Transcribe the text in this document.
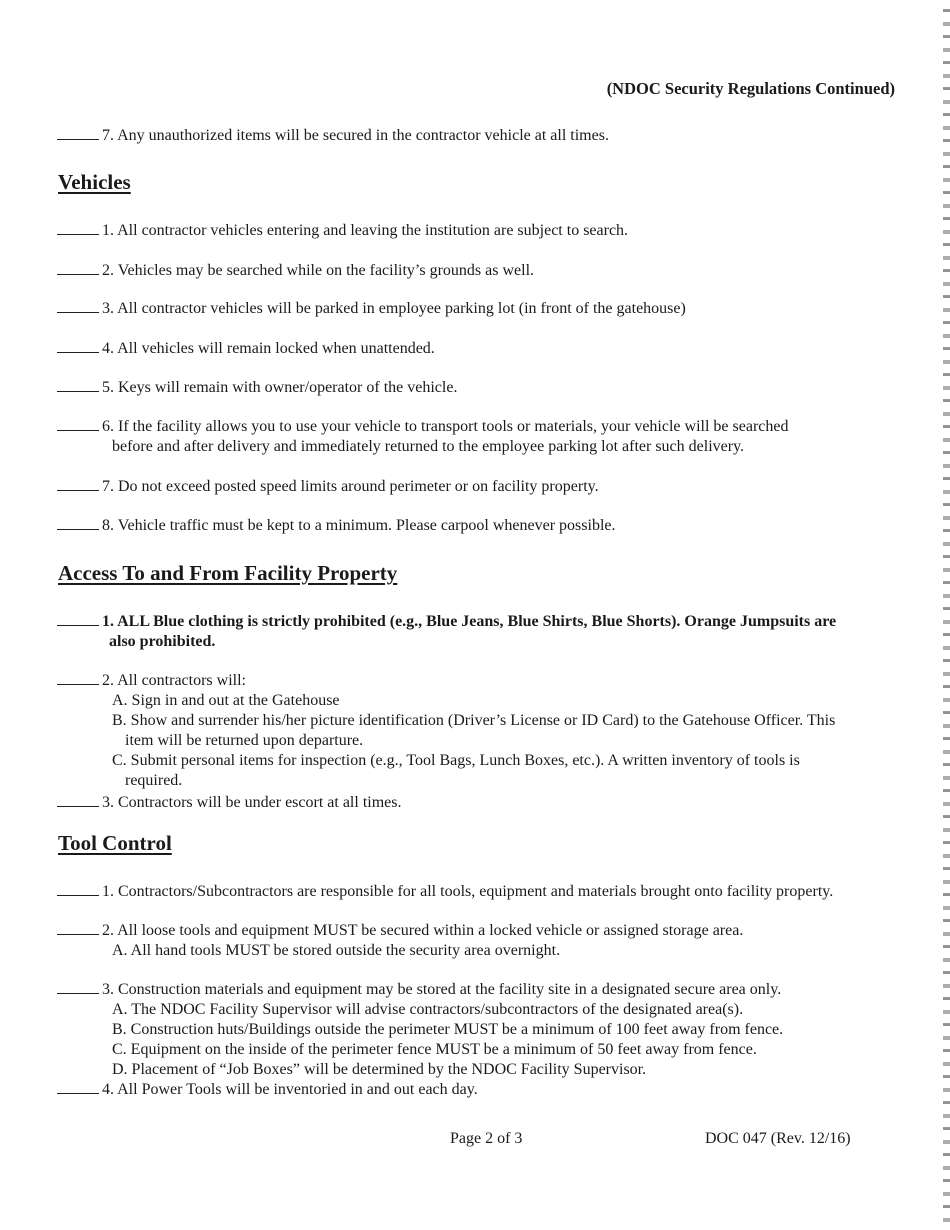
(NDOC Security Regulations Continued)
7. Any unauthorized items will be secured in the contractor vehicle at all times.
Vehicles
1. All contractor vehicles entering and leaving the institution are subject to search.
2. Vehicles may be searched while on the facility’s grounds as well.
3. All contractor vehicles will be parked in employee parking lot (in front of the gatehouse)
4. All vehicles will remain locked when unattended.
5. Keys will remain with owner/operator of the vehicle.
6. If the facility allows you to use your vehicle to transport tools or materials, your vehicle will be searched
before and after delivery and immediately returned to the employee parking lot after such delivery.
7. Do not exceed posted speed limits around perimeter or on facility property.
8. Vehicle traffic must be kept to a minimum. Please carpool whenever possible.
Access To and From Facility Property
1. ALL Blue clothing is strictly prohibited (e.g., Blue Jeans, Blue Shirts, Blue Shorts). Orange Jumpsuits are
also prohibited.
2. All contractors will:
A. Sign in and out at the Gatehouse
B. Show and surrender his/her picture identification (Driver’s License or ID Card) to the Gatehouse Officer. This
item will be returned upon departure.
C. Submit personal items for inspection (e.g., Tool Bags, Lunch Boxes, etc.). A written inventory of tools is
required.
3. Contractors will be under escort at all times.
Tool Control
1. Contractors/Subcontractors are responsible for all tools, equipment and materials brought onto facility property.
2. All loose tools and equipment MUST be secured within a locked vehicle or assigned storage area.
A. All hand tools MUST be stored outside the security area overnight.
3. Construction materials and equipment may be stored at the facility site in a designated secure area only.
A. The NDOC Facility Supervisor will advise contractors/subcontractors of the designated area(s).
B. Construction huts/Buildings outside the perimeter MUST be a minimum of 100 feet away from fence.
C. Equipment on the inside of the perimeter fence MUST be a minimum of 50 feet away from fence.
D. Placement of “Job Boxes” will be determined by the NDOC Facility Supervisor.
4. All Power Tools will be inventoried in and out each day.
Page 2 of 3	DOC 047 (Rev. 12/16)
